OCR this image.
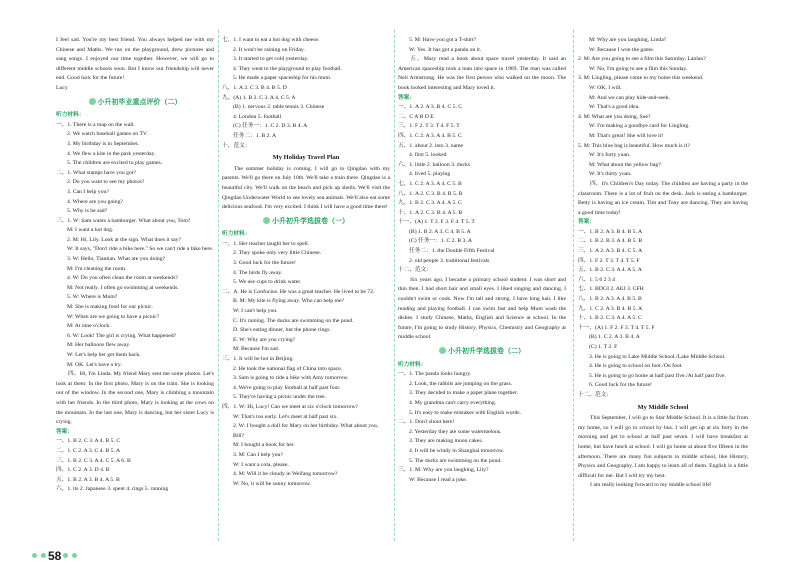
I feel sad. You're my best friend. You always helped me with my Chinese and Maths. We ran on the playground, drew pictures and sang songs. I enjoyed our time together. However, we will go to different middle schools soon. But I know our friendship will never end. Good luck for the future!
Lucy
小升初毕业重点评价（二）
听力材料：
一、1. There is a map on the wall.
2. We watch baseball games on TV.
3. My birthday is in September.
4. We flew a kite in the park yesterday.
5. The children are excited to play games.
二、1. What stamps have you got?
2. Do you want to see my photos?
3. Can I help you?
4. Where are you going?
5. Why is he sad?
三、1. W: Sam wants a hamburger. What about you, Tom?
M: I want a hot dog.
2. M: Hi, Lily. Look at the sign. What does it say?
W: It says, "Don't ride a bike here." So we can't ride a bike here.
3. W: Hello, Tiantian. What are you doing?
M: I'm cleaning the room.
4. W: Do you often clean the room at weekends?
M: Not really. I often go swimming at weekends.
5. W: Where is Mum?
M: She is making food for our picnic.
W: When are we going to have a picnic?
M: At nine o'clock.
6. W: Look! The girl is crying. What happened?
M: Her balloons flew away.
W: Let's help her get them back.
M: OK. Let's have a try.
四、Hi, I'm Linda. My friend Mary sent me some photos. Let's look at them. In the first photo, Mary is on the train. She is looking out of the window. In the second one, Mary is climbing a mountain with her friends. In the third photo, Mary is looking at the cows on the mountain. In the last one, Mary is dancing, but her sister Lucy is crying.
答案：
一、1. B 2. C 3. A 4. B 5. C
二、1. C 2. A 3. C 4. B 5. A
三、1. B 2. C 3. A 4. C 5. A 6. B
四、1. C 2. A 3. D 4. B
五、1. B 2. A 3. B 4. A 5. B
六、1. its 2. Japanese 3. spent 4. rings 5. running
七、1. I want to eat a hot dog with cheese.
2. It won't be raining on Friday.
3. It started to get cold yesterday.
4. They went to the playground to play football.
5. He made a paper spaceship for his mum.
八、1. A 2. C 3. B 4. B 5. D
九、(A) 1. B 2. C 3. A 4. C 5. A
(B) 1. nervous 2. table tennis 3. Chinese
4. London 5. football
(C) 任务一：1. C 2. D 3. B 4. A
任务二：1. B 2. A
十、范文：
My Holiday Travel Plan
The summer holiday is coming. I will go to Qingdao with my parents. We'll go there on July 10th. We'll take a train there. Qingdao is a beautiful city. We'll walk on the beach and pick up shells. We'll visit the Qingdao Underwater World to see lovely sea animals. We'll also eat some delicious seafood. I'm very excited. I think I will have a good time there!
小升初升学选拔卷（一）
听力材料：
一、1. Her teacher taught her to spell.
2. They spoke only very little Chinese.
3. Good luck for the future!
4. The birds fly away.
5. We use cups to drink water.
二、A. He is Confucius. He was a great teacher. He lived to be 72.
B. M: My kite is flying away. Who can help me?
W: I can't help you.
C. It's raining. The ducks are swimming on the pond.
D. She's eating dinner, but the phone rings.
E. W: Why are you crying?
M: Because I'm sad.
三、1. It will be hot in Beijing.
2. He took the national flag of China into space.
3. Sam is going to ride a bike with Amy tomorrow.
4. We're going to play football at half past four.
5. They're having a picnic under the tree.
四、1. W: Hi, Lucy! Can we meet at six o'clock tomorrow?
W: That's too early. Let's meet at half past six.
2. W: I bought a doll for Mary on her birthday. What about you, Bill?
M: I bought a book for her.
3. M: Can I help you?
W: I want a cola, please.
4. M: Will it be cloudy in Weifang tomorrow?
W: No, it will be sunny tomorrow.
5. M: Have you got a T-shirt?
W: Yes. It has got a panda on it.
五、Mary read a book about space travel yesterday. It said an American spaceship took a man into space in 1969. The man was called Neil Armstrong. He was the first person who walked on the moon. The book looked interesting and Mary loved it.
答案：
一、1. A 2. A 3. B 4. C 5. C
二、C A B D E
三、1. F 2. T 3. T 4. F 5. T
四、1. C 2. A 3. A 4. B 5. C
五、1. about 2. into 3. name
4. first 5. looked
六、1. little 2. balloon 3. ducks
4. lived 5. playing
七、1. C 2. A 3. A 4. C 5. B
八、1. A 2. C 3. B 4. B 5. B
九、1. B 2. C 3. A 4. A 5. C
十、1. A 2. C 3. B 4. A 5. B
十一、(A) 1. T 2. F 3. F 4. T 5. T
(B) 1. B 2. A 3. C 4. B 5. A
(C) 任务一：1. C 2. B 3. A
任务二：1. the Double Fifth Festival
2. old people 3. traditional festivals
十二、范文：
Six years ago, I became a primary school student. I was short and thin then. I had short hair and small eyes. I liked singing and dancing. I couldn't swim or cook. Now I'm tall and strong. I have long hair. I like reading and playing football. I can swim fast and help Mum wash the dishes. I study Chinese, Maths, English and Science at school. In the future, I'm going to study History, Physics, Chemistry and Geography at middle school.
小升初升学选拔卷（二）
听力材料：
一、1. The panda looks hungry.
2. Look, the rabbits are jumping on the grass.
3. They decided to make a paper plane together.
4. My grandma can't carry everything.
5. It's easy to make mistakes with English words.
二、1. Don't shout here!
2. Yesterday they ate some watermelons.
3. They are making moon cakes.
4. It will be windy in Shanghai tomorrow.
5. The ducks are swimming on the pond.
三、1. M: Why are you laughing, Lily?
W: Because I read a joke.
M: Why are you laughing, Linda?
W: Because I won the game.
2. M: Are you going to see a film this Saturday, Lanlan?
W: No, I'm going to see a film this Sunday.
3. M: Lingling, please come to my home this weekend.
W: OK, I will.
M: And we can play hide-and-seek.
W: That's a good idea.
4. M: What are you doing, Sue?
W: I'm making a goodbye card for Lingling.
M: That's great! She will love it!
5. M: This blue bag is beautiful. How much is it?
W: It's forty yuan.
M: What about the yellow bag?
W: It's thirty yuan.
四、It's Children's Day today. The children are having a party in the classroom. There is a lot of fruit on the desk. Jack is eating a hamburger. Betty is having an ice cream. Tim and Tony are dancing. They are having a good time today!
答案：
一、1. B 2. A 3. B 4. B 5. A
二、1. B 2. B 3. A 4. B 5. B
三、1. A 2. A 3. B 4. C 5. A
四、1. F 2. T 3. T 4. T 5. F
五、1. B 2. C 3. A 4. A 5. A
六、1. 5 6 2 3 4
七、1. BDGI 2. AEJ 3. CFH
八、1. B 2. A 3. A 4. B 5. B
九、1. C 2. A 3. B 4. B 5. A
十、1. B 2. C 3. A 4. A 5. C
十一、(A) 1. F 2. F 3. T 4. T 5. F
(B) 1. C 2. A 3. B 4. A
(C) 1. T 2. F
3. He is going to Lake Middle School./Lake Middle School.
4. He is going to school on foot./On foot.
5. He is going to go home at half past five./At half past five.
6. Good luck for the future!
十二、范文：
My Middle School
This September, I will go to Star Middle School. It is a little far from my home, so I will go to school by bus. I will get up at six forty in the morning and get to school at half past seven. I will have breakfast at home, but have lunch at school. I will go home at about five fifteen in the afternoon. There are many fun subjects in middle school, like History, Physics and Geography. I am happy to learn all of them. English is a little difficult for me. But I will try my best.
I am really looking forward to my middle school life!
58
